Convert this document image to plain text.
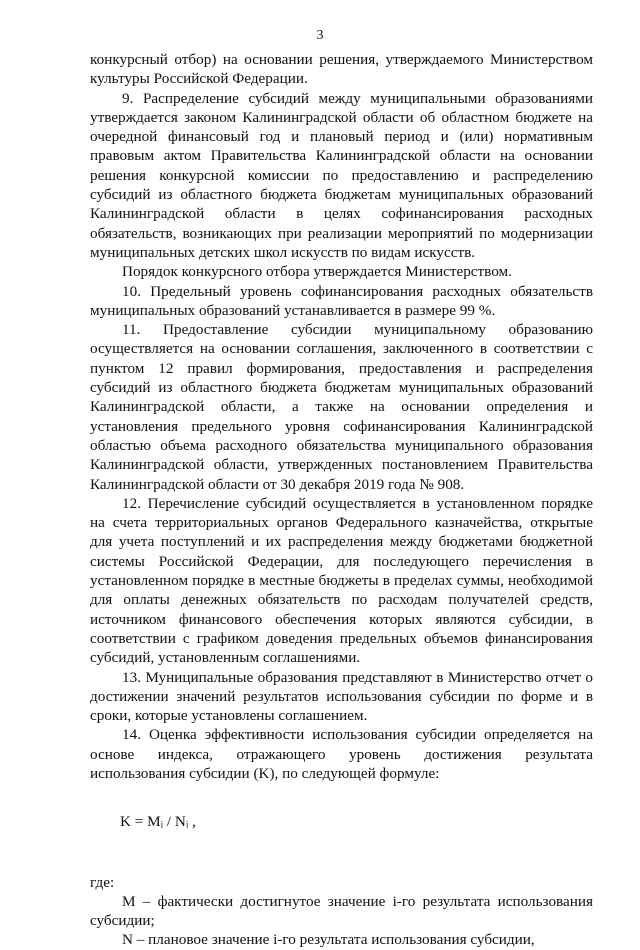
3

конкурсный отбор) на основании решения, утверждаемого Министерством культуры Российской Федерации.

9. Распределение субсидий между муниципальными образованиями утверждается законом Калининградской области об областном бюджете на очередной финансовый год и плановый период и (или) нормативным правовым актом Правительства Калининградской области на основании решения конкурсной комиссии по предоставлению и распределению субсидий из областного бюджета бюджетам муниципальных образований Калининградской области в целях софинансирования расходных обязательств, возникающих при реализации мероприятий по модернизации муниципальных детских школ искусств по видам искусств.

Порядок конкурсного отбора утверждается Министерством.

10. Предельный уровень софинансирования расходных обязательств муниципальных образований устанавливается в размере 99 %.

11. Предоставление субсидии муниципальному образованию осуществляется на основании соглашения, заключенного в соответствии с пунктом 12 правил формирования, предоставления и распределения субсидий из областного бюджета бюджетам муниципальных образований Калининградской области, а также на основании определения и установления предельного уровня софинансирования Калининградской областью объема расходного обязательства муниципального образования Калининградской области, утвержденных постановлением Правительства Калининградской области от 30 декабря 2019 года № 908.

12. Перечисление субсидий осуществляется в установленном порядке на счета территориальных органов Федерального казначейства, открытые для учета поступлений и их распределения между бюджетами бюджетной системы Российской Федерации, для последующего перечисления в установленном порядке в местные бюджеты в пределах суммы, необходимой для оплаты денежных обязательств по расходам получателей средств, источником финансового обеспечения которых являются субсидии, в соответствии с графиком доведения предельных объемов финансирования субсидий, установленным соглашениями.

13. Муниципальные образования представляют в Министерство отчет о достижении значений результатов использования субсидии по форме и в сроки, которые установлены соглашением.

14. Оценка эффективности использования субсидии определяется на основе индекса, отражающего уровень достижения результата использования субсидии (K), по следующей формуле:

K = Mᵢ / Nᵢ ,

где:

M – фактически достигнутое значение i-го результата использования субсидии;

N – плановое значение i-го результата использования субсидии,
